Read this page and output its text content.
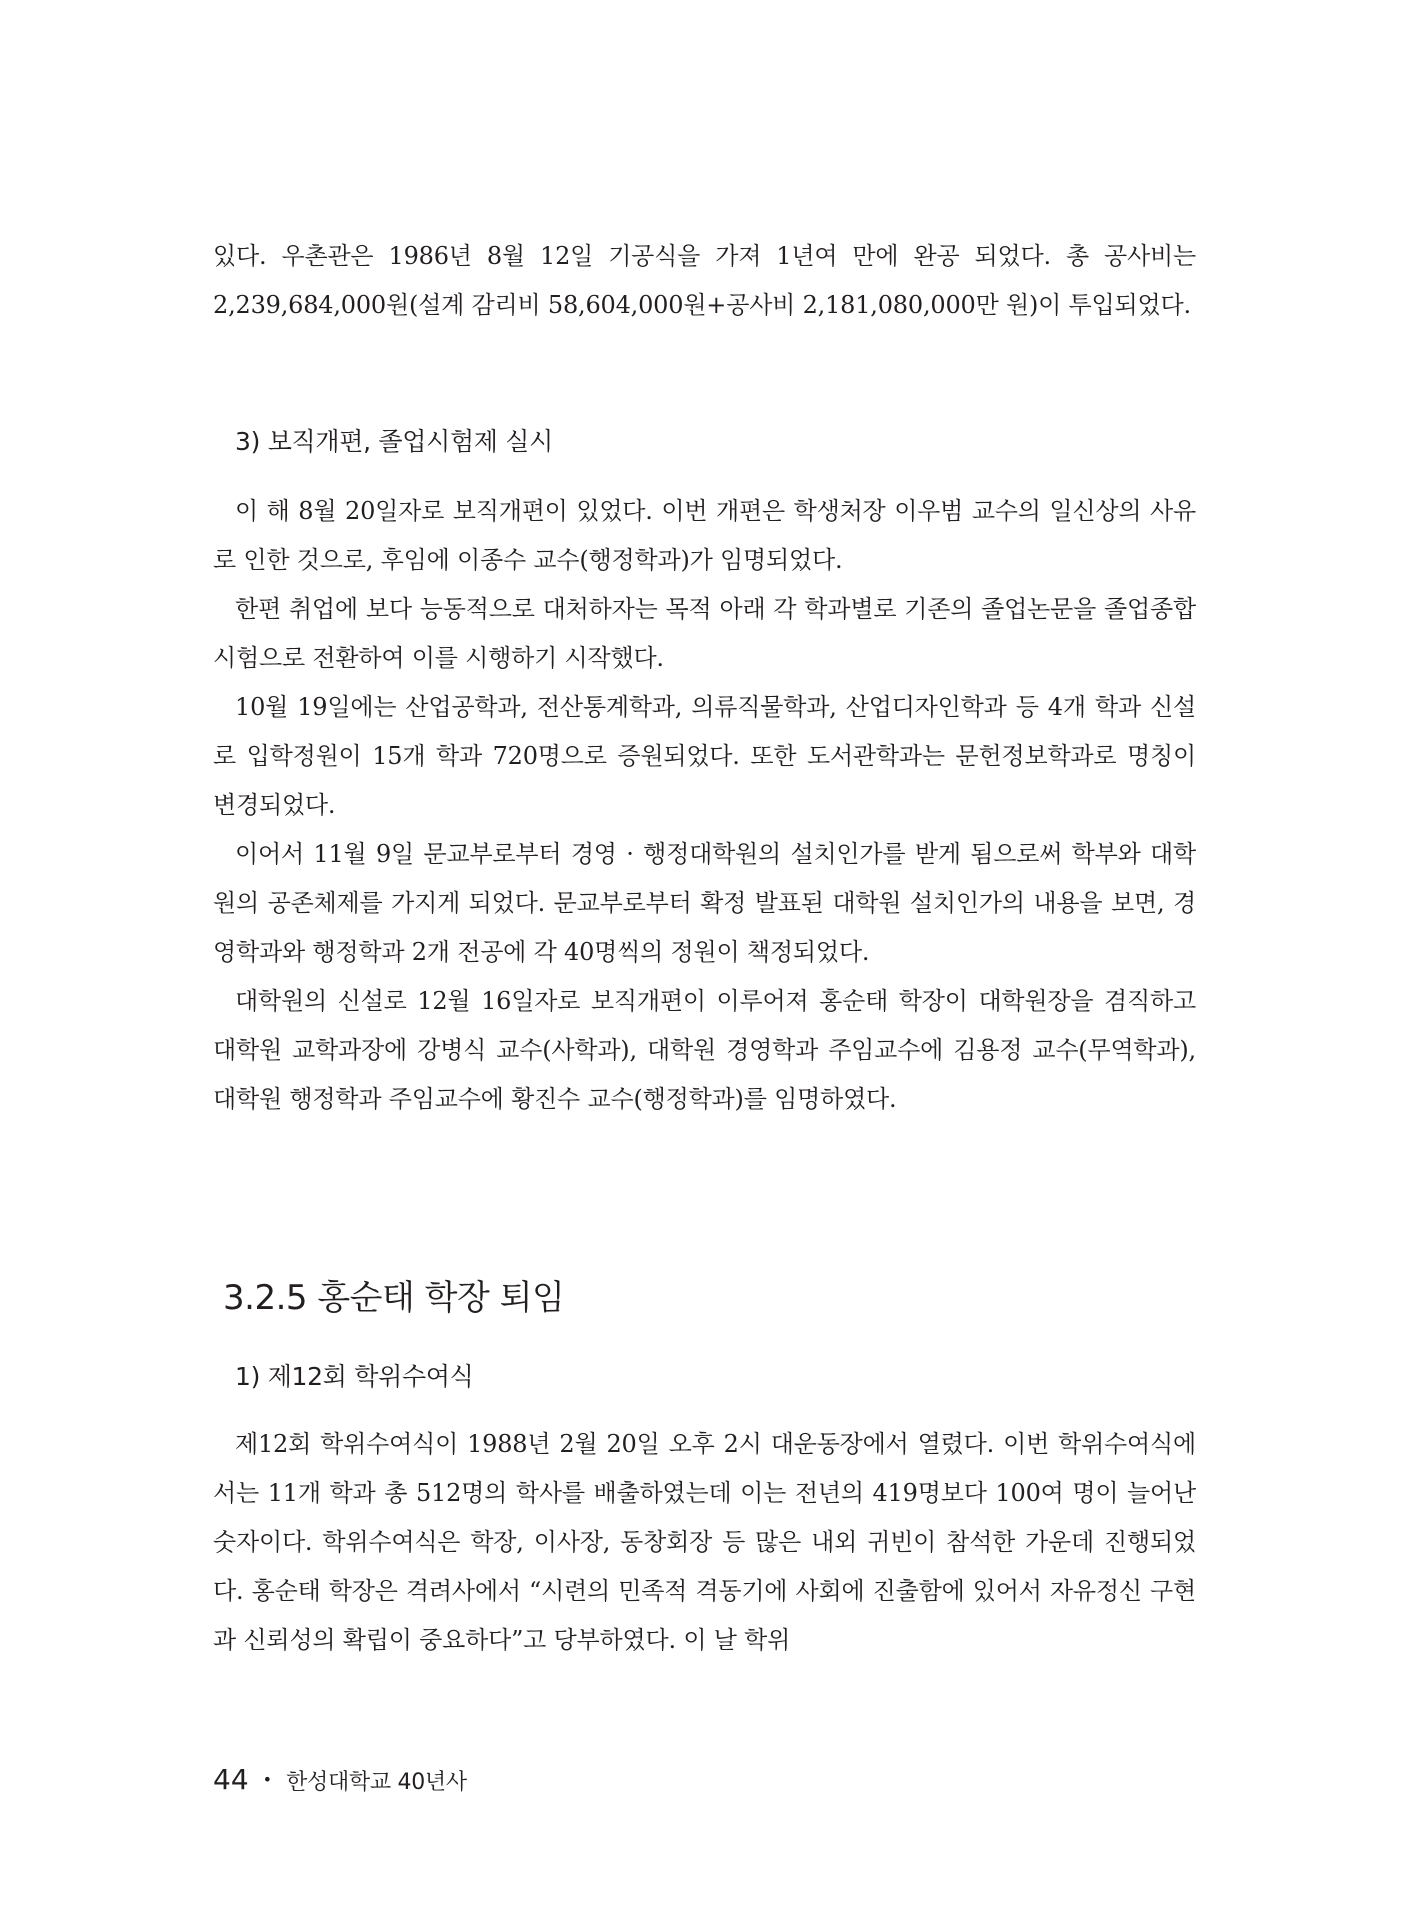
있다. 우촌관은 1986년 8월 12일 기공식을 가져 1년여 만에 완공 되었다. 총 공사비는 2,239,684,000원(설계 감리비 58,604,000원+공사비 2,181,080,000만 원)이 투입되었다.

3) 보직개편, 졸업시험제 실시

이 해 8월 20일자로 보직개편이 있었다. 이번 개편은 학생처장 이우범 교수의 일신상의 사유로 인한 것으로, 후임에 이종수 교수(행정학과)가 임명되었다.

한편 취업에 보다 능동적으로 대처하자는 목적 아래 각 학과별로 기존의 졸업논문을 졸업종합시험으로 전환하여 이를 시행하기 시작했다.

10월 19일에는 산업공학과, 전산통계학과, 의류직물학과, 산업디자인학과 등 4개 학과 신설로 입학정원이 15개 학과 720명으로 증원되었다. 또한 도서관학과는 문헌정보학과로 명칭이 변경되었다.

이어서 11월 9일 문교부로부터 경영 · 행정대학원의 설치인가를 받게 됨으로써 학부와 대학원의 공존체제를 가지게 되었다. 문교부로부터 확정 발표된 대학원 설치인가의 내용을 보면, 경영학과와 행정학과 2개 전공에 각 40명씩의 정원이 책정되었다.

대학원의 신설로 12월 16일자로 보직개편이 이루어져 홍순태 학장이 대학원장을 겸직하고 대학원 교학과장에 강병식 교수(사학과), 대학원 경영학과 주임교수에 김용정 교수(무역학과), 대학원 행정학과 주임교수에 황진수 교수(행정학과)를 임명하였다.

3.2.5 홍순태 학장 퇴임
1) 제12회 학위수여식

제12회 학위수여식이 1988년 2월 20일 오후 2시 대운동장에서 열렸다. 이번 학위수여식에서는 11개 학과 총 512명의 학사를 배출하였는데 이는 전년의 419명보다 100여 명이 늘어난 숫자이다. 학위수여식은 학장, 이사장, 동창회장 등 많은 내외 귀빈이 참석한 가운데 진행되었다. 홍순태 학장은 격려사에서 “시련의 민족적 격동기에 사회에 진출함에 있어서 자유정신 구현과 신뢰성의 확립이 중요하다”고 당부하였다. 이 날 학위

44 • 한성대학교 40년사
